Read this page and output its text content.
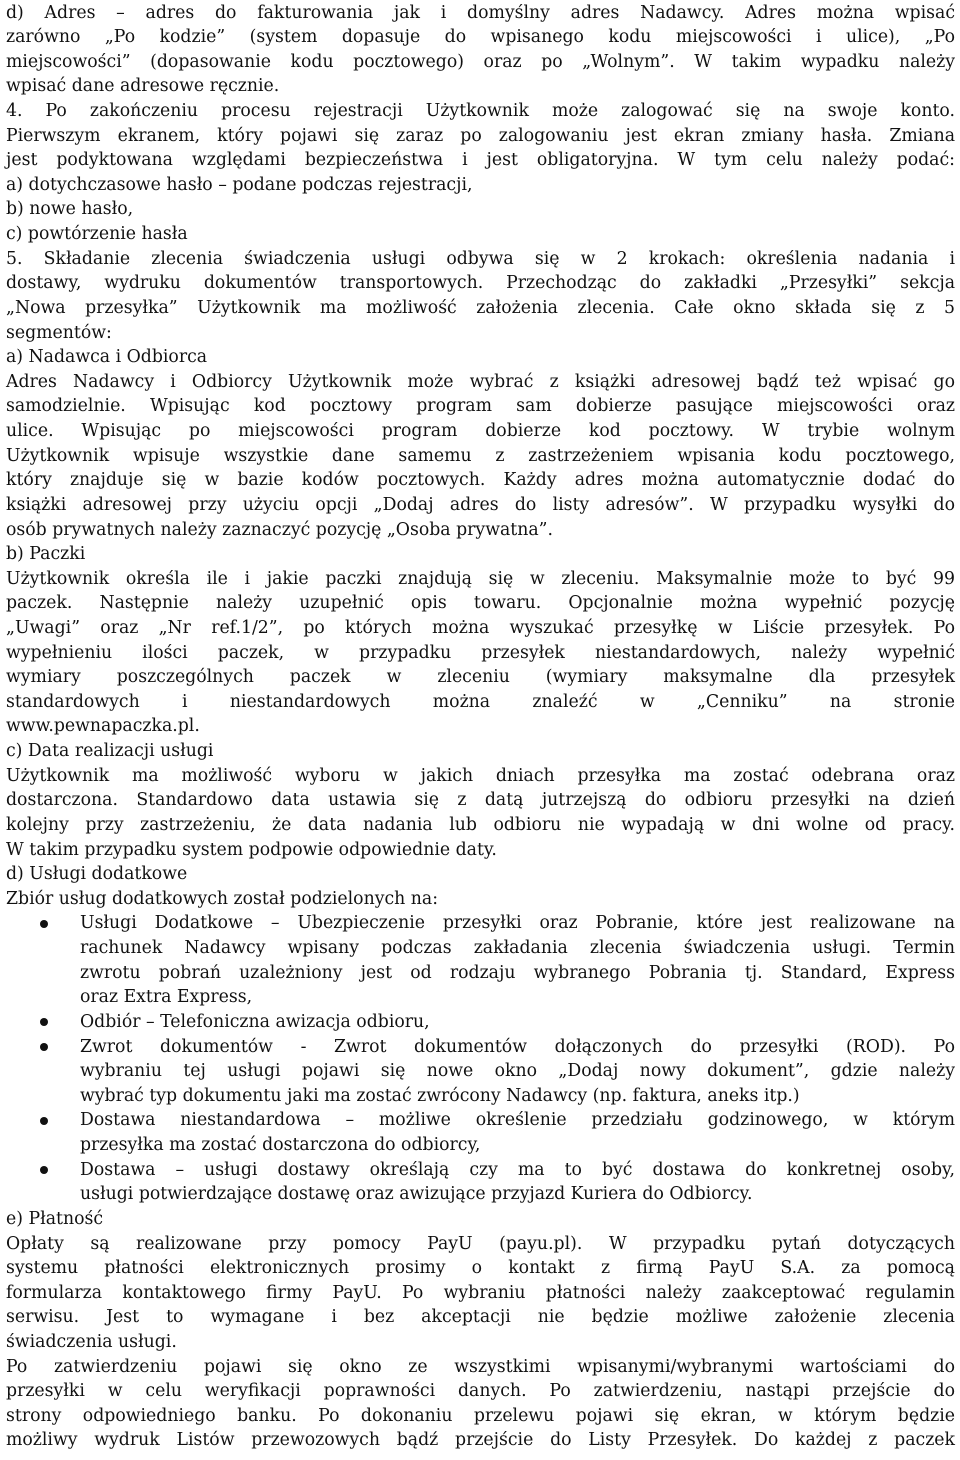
d) Adres – adres do fakturowania jak i domyślny adres Nadawcy. Adres można wpisać
zarówno „Po kodzie” (system dopasuje do wpisanego kodu miejscowości i ulice), „Po
miejscowości” (dopasowanie kodu pocztowego) oraz po „Wolnym”. W takim wypadku należy
wpisać dane adresowe ręcznie.
4. Po zakończeniu procesu rejestracji Użytkownik może zalogować się na swoje konto.
Pierwszym ekranem, który pojawi się zaraz po zalogowaniu jest ekran zmiany hasła. Zmiana
jest podyktowana względami bezpieczeństwa i jest obligatoryjna. W tym celu należy podać:
a) dotychczasowe hasło – podane podczas rejestracji,
b) nowe hasło,
c) powtórzenie hasła
5. Składanie zlecenia świadczenia usługi odbywa się w 2 krokach: określenia nadania i
dostawy, wydruku dokumentów transportowych. Przechodząc do zakładki „Przesyłki” sekcja
„Nowa przesyłka” Użytkownik ma możliwość założenia zlecenia. Całe okno składa się z 5
segmentów:
a) Nadawca i Odbiorca
Adres Nadawcy i Odbiorcy Użytkownik może wybrać z książki adresowej bądź też wpisać go
samodzielnie. Wpisując kod pocztowy program sam dobierze pasujące miejscowości oraz
ulice. Wpisując po miejscowości program dobierze kod pocztowy. W trybie wolnym
Użytkownik wpisuje wszystkie dane samemu z zastrzeżeniem wpisania kodu pocztowego,
który znajduje się w bazie kodów pocztowych. Każdy adres można automatycznie dodać do
książki adresowej przy użyciu opcji „Dodaj adres do listy adresów”. W przypadku wysyłki do
osób prywatnych należy zaznaczyć pozycję „Osoba prywatna”.
b) Paczki
Użytkownik określa ile i jakie paczki znajdują się w zleceniu. Maksymalnie może to być 99
paczek. Następnie należy uzupełnić opis towaru. Opcjonalnie można wypełnić pozycję
„Uwagi” oraz „Nr ref.1/2”, po których można wyszukać przesyłkę w Liście przesyłek. Po
wypełnieniu ilości paczek, w przypadku przesyłek niestandardowych, należy wypełnić
wymiary poszczególnych paczek w zleceniu (wymiary maksymalne dla przesyłek
standardowych i niestandardowych można znaleźć w „Cenniku” na stronie
www.pewnapaczka.pl.
c) Data realizacji usługi
Użytkownik ma możliwość wyboru w jakich dniach przesyłka ma zostać odebrana oraz
dostarczona. Standardowo data ustawia się z datą jutrzejszą do odbioru przesyłki na dzień
kolejny przy zastrzeżeniu, że data nadania lub odbioru nie wypadają w dni wolne od pracy.
W takim przypadku system podpowie odpowiednie daty.
d) Usługi dodatkowe
Zbiór usług dodatkowych został podzielonych na:
Usługi Dodatkowe – Ubezpieczenie przesyłki oraz Pobranie, które jest realizowane na
rachunek Nadawcy wpisany podczas zakładania zlecenia świadczenia usługi. Termin
zwrotu pobrań uzależniony jest od rodzaju wybranego Pobrania tj. Standard, Express
oraz Extra Express,
Odbiór – Telefoniczna awizacja odbioru,
Zwrot dokumentów - Zwrot dokumentów dołączonych do przesyłki (ROD). Po
wybraniu tej usługi pojawi się nowe okno „Dodaj nowy dokument”, gdzie należy
wybrać typ dokumentu jaki ma zostać zwrócony Nadawcy (np. faktura, aneks itp.)
Dostawa niestandardowa – możliwe określenie przedziału godzinowego, w którym
przesyłka ma zostać dostarczona do odbiorcy,
Dostawa – usługi dostawy określają czy ma to być dostawa do konkretnej osoby,
usługi potwierdzające dostawę oraz awizujące przyjazd Kuriera do Odbiorcy.
e) Płatność
Opłaty są realizowane przy pomocy PayU (payu.pl). W przypadku pytań dotyczących
systemu płatności elektronicznych prosimy o kontakt z firmą PayU S.A. za pomocą
formularza kontaktowego firmy PayU. Po wybraniu płatności należy zaakceptować regulamin
serwisu. Jest to wymagane i bez akceptacji nie będzie możliwe założenie zlecenia
świadczenia usługi.
Po zatwierdzeniu pojawi się okno ze wszystkimi wpisanymi/wybranymi wartościami do
przesyłki w celu weryfikacji poprawności danych. Po zatwierdzeniu, nastąpi przejście do
strony odpowiedniego banku. Po dokonaniu przelewu pojawi się ekran, w którym będzie
możliwy wydruk Listów przewozowych bądź przejście do Listy Przesyłek. Do każdej z paczek
